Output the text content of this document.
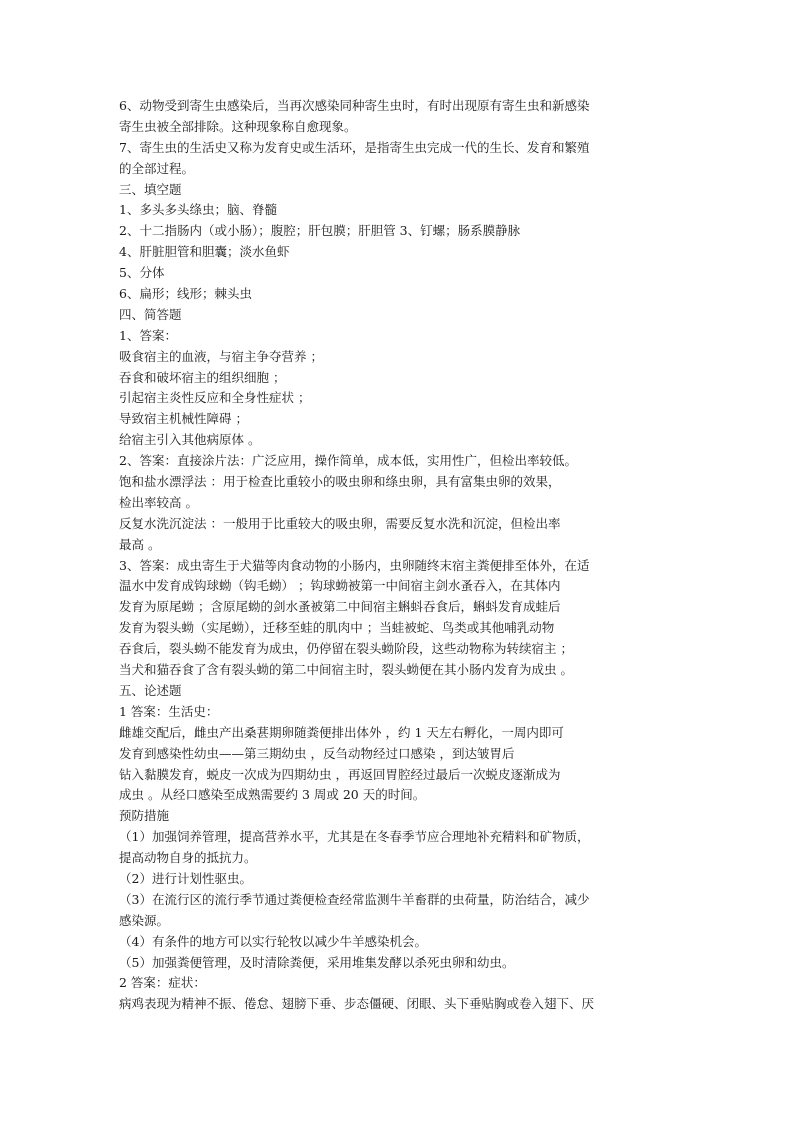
6、动物受到寄生虫感染后，当再次感染同种寄生虫时，有时出现原有寄生虫和新感染
寄生虫被全部排除。这种现象称自愈现象。
7、寄生虫的生活史又称为发育史或生活环，是指寄生虫完成一代的生长、发育和繁殖
的全部过程。
三、填空题
1、多头多头绦虫；脑、脊髓
2、十二指肠内（或小肠）；腹腔；肝包膜；肝胆管 3、钉螺；肠系膜静脉
4、肝脏胆管和胆囊；淡水鱼虾
5、分体
6、扁形；线形；棘头虫
四、简答题
1、答案：
吸食宿主的血液，与宿主争夺营养 ；
吞食和破坏宿主的组织细胞 ；
引起宿主炎性反应和全身性症状 ；
导致宿主机械性障碍 ；
给宿主引入其他病原体 。
2、答案：直接涂片法：广泛应用，操作简单，成本低，实用性广，但检出率较低。
饱和盐水漂浮法 ：用于检查比重较小的吸虫卵和绦虫卵，具有富集虫卵的效果，
检出率较高 。
反复水洗沉淀法 ：一般用于比重较大的吸虫卵，需要反复水洗和沉淀，但检出率
最高 。
3、答案：成虫寄生于犬猫等肉食动物的小肠内，虫卵随终末宿主粪便排至体外，在适
温水中发育成钩球蚴（钩毛蚴） ；钩球蚴被第一中间宿主剑水蚤吞入，在其体内
发育为原尾蚴 ；含原尾蚴的剑水蚤被第二中间宿主蝌蚪吞食后，蝌蚪发育成蛙后
发育为裂头蚴（实尾蚴），迁移至蛙的肌肉中 ；当蛙被蛇、鸟类或其他哺乳动物
吞食后，裂头蚴不能发育为成虫，仍停留在裂头蚴阶段，这些动物称为转续宿主 ；
当犬和猫吞食了含有裂头蚴的第二中间宿主时，裂头蚴便在其小肠内发育为成虫 。
五、论述题
1 答案：生活史：
雌雄交配后，雌虫产出桑葚期卵随粪便排出体外 ，约 1 天左右孵化，一周内即可
发育到感染性幼虫——第三期幼虫 ，反刍动物经过口感染 ，到达皱胃后
钻入黏膜发育，蜕皮一次成为四期幼虫 ，再返回胃腔经过最后一次蜕皮逐渐成为
成虫 。从经口感染至成熟需要约 3 周或 20 天的时间。
预防措施
（1）加强饲养管理，提高营养水平，尤其是在冬春季节应合理地补充精料和矿物质，
提高动物自身的抵抗力。
（2）进行计划性驱虫。
（3）在流行区的流行季节通过粪便检查经常监测牛羊畜群的虫荷量，防治结合，减少
感染源。
（4）有条件的地方可以实行轮牧以减少牛羊感染机会。
（5）加强粪便管理，及时清除粪便，采用堆集发酵以杀死虫卵和幼虫。
2 答案：症状：
病鸡表现为精神不振、倦怠、翅膀下垂、步态僵硬、闭眼、头下垂贴胸或卷入翅下、厌
